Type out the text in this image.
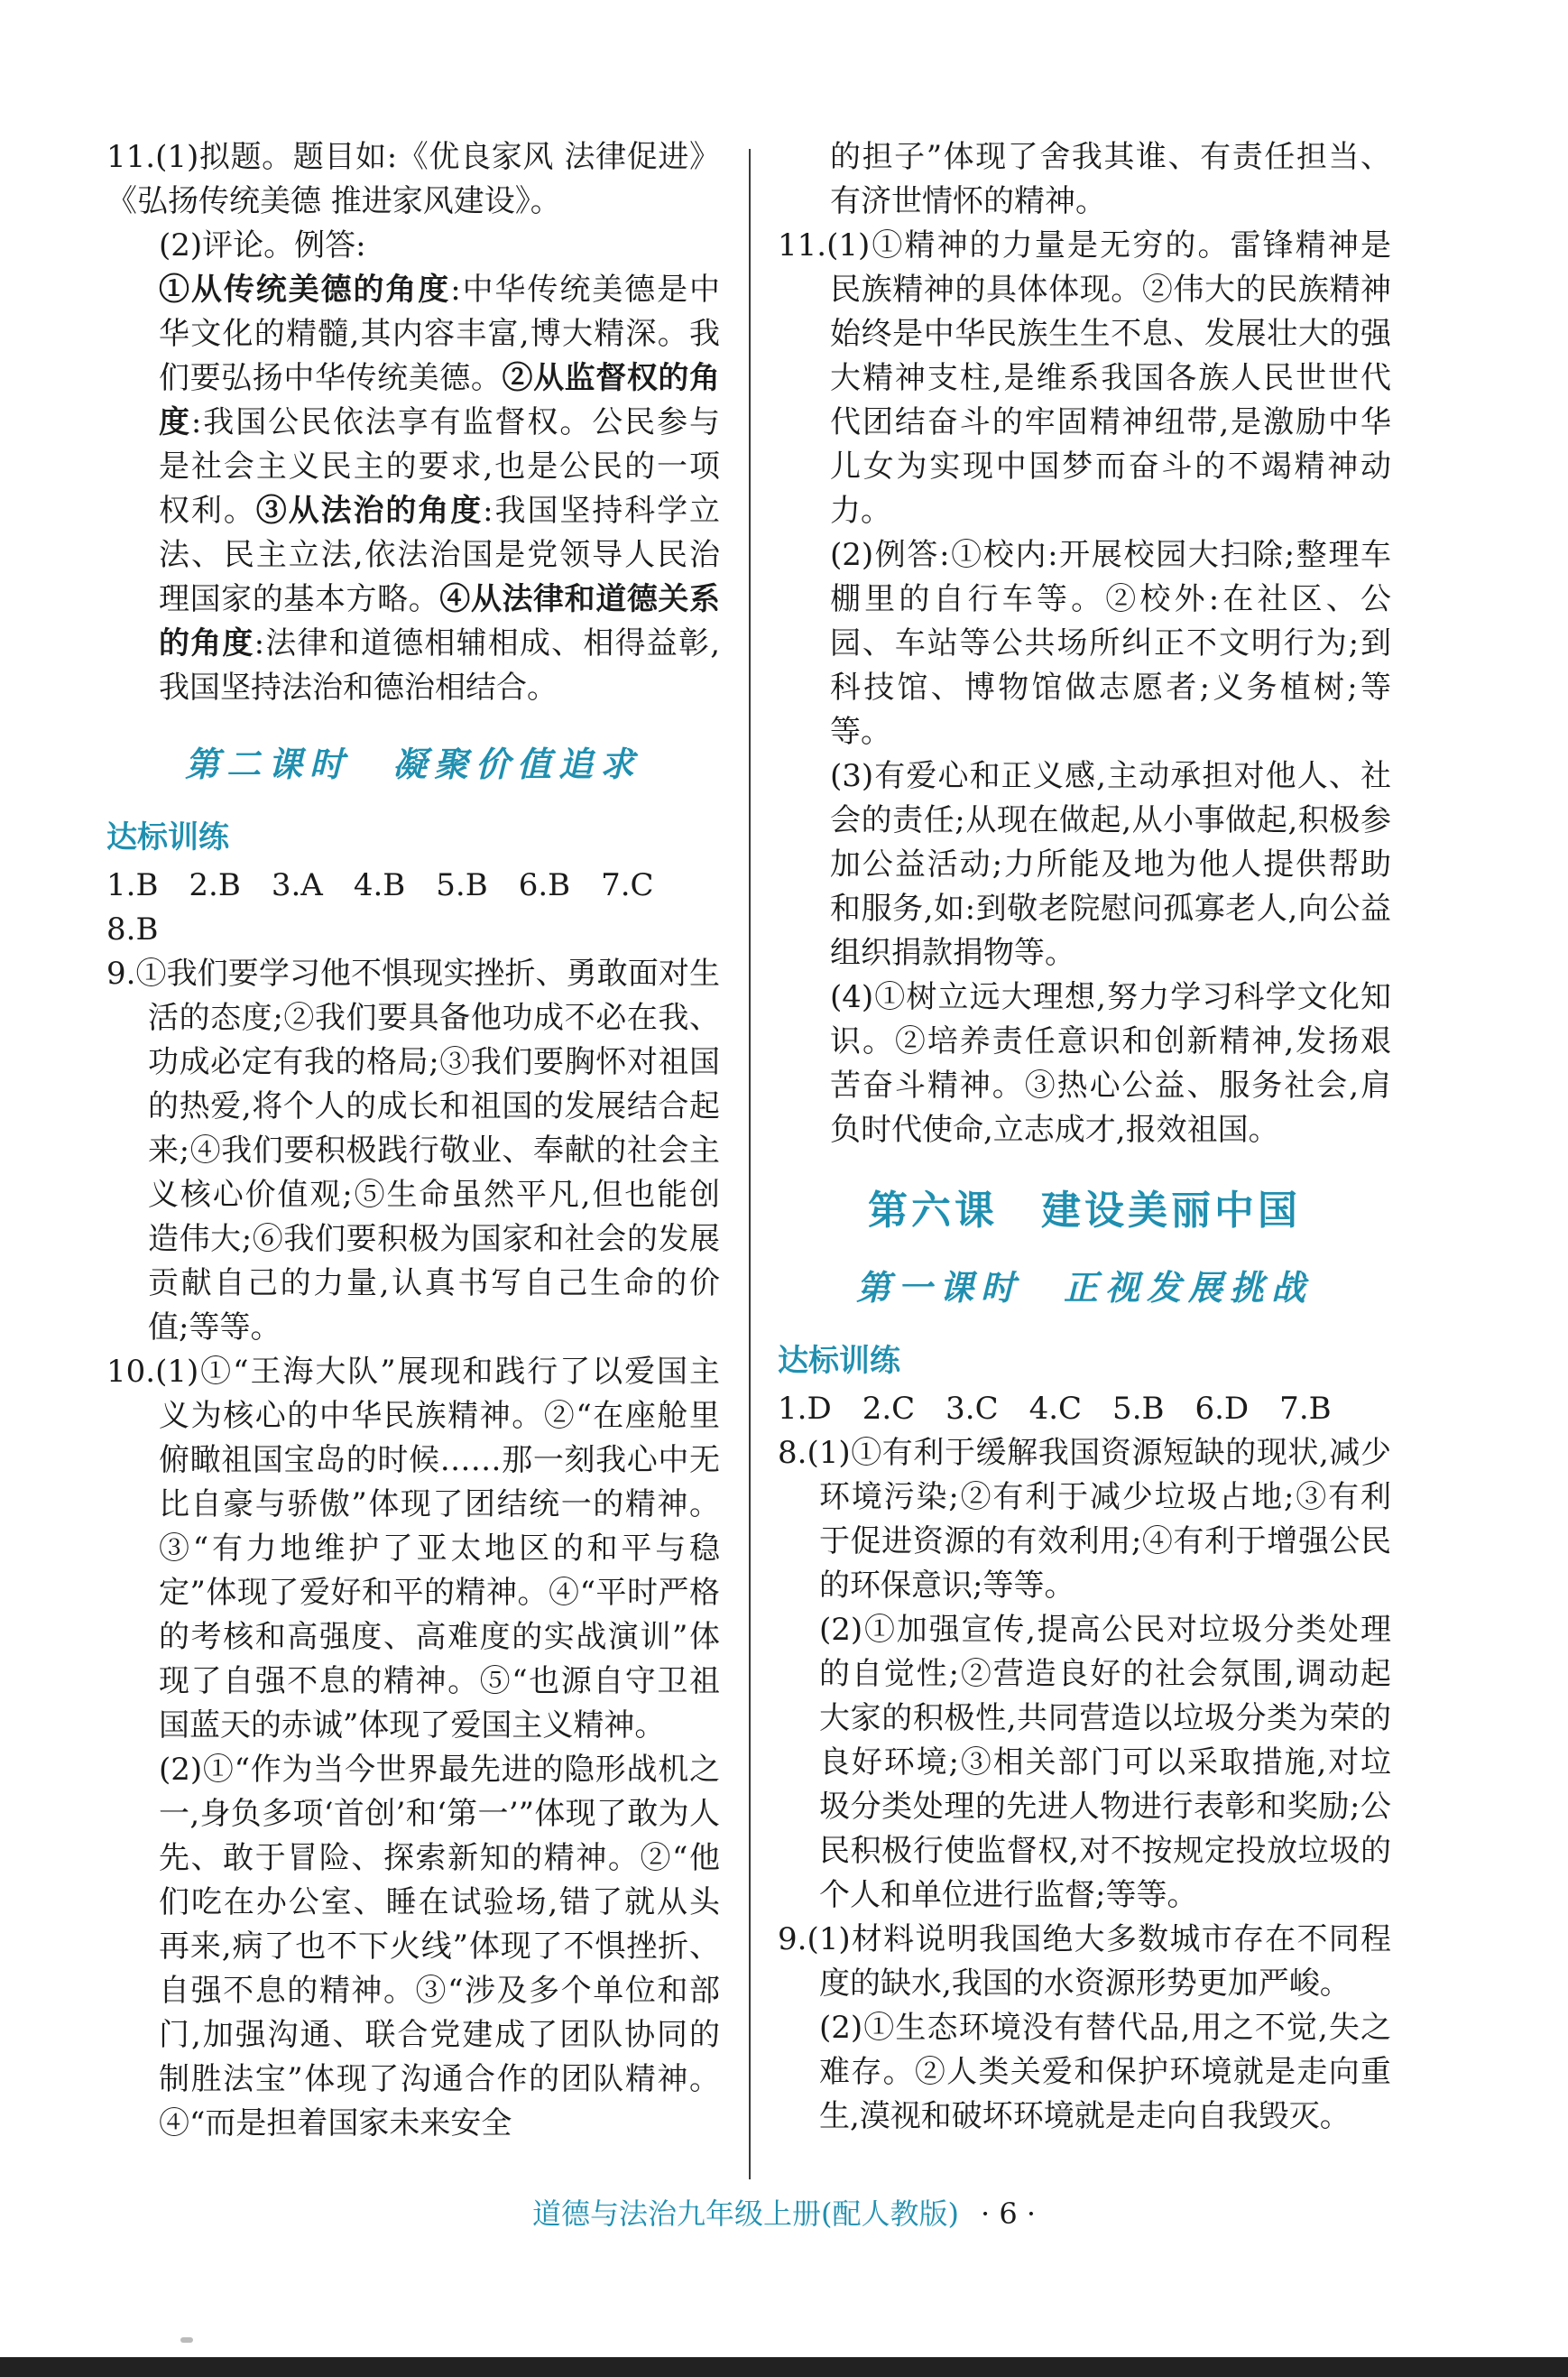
11.(1)拟题。题目如:《优良家风 法律促进》《弘扬传统美德 推进家风建设》。

(2)评论。例答:

①从传统美德的角度:中华传统美德是中华文化的精髓,其内容丰富,博大精深。我们要弘扬中华传统美德。②从监督权的角度:我国公民依法享有监督权。公民参与是社会主义民主的要求,也是公民的一项权利。③从法治的角度:我国坚持科学立法、民主立法,依法治国是党领导人民治理国家的基本方略。④从法律和道德关系的角度:法律和道德相辅相成、相得益彰,我国坚持法治和德治相结合。

第二课时　凝聚价值追求
达标训练

1.B　2.B　3.A　4.B　5.B　6.B　7.C

8.B

9.①我们要学习他不惧现实挫折、勇敢面对生活的态度;②我们要具备他功成不必在我、功成必定有我的格局;③我们要胸怀对祖国的热爱,将个人的成长和祖国的发展结合起来;④我们要积极践行敬业、奉献的社会主义核心价值观;⑤生命虽然平凡,但也能创造伟大;⑥我们要积极为国家和社会的发展贡献自己的力量,认真书写自己生命的价值;等等。

10.(1)①“王海大队”展现和践行了以爱国主义为核心的中华民族精神。②“在座舱里俯瞰祖国宝岛的时候……那一刻我心中无比自豪与骄傲”体现了团结统一的精神。③“有力地维护了亚太地区的和平与稳定”体现了爱好和平的精神。④“平时严格的考核和高强度、高难度的实战演训”体现了自强不息的精神。⑤“也源自守卫祖国蓝天的赤诚”体现了爱国主义精神。

(2)①“作为当今世界最先进的隐形战机之一,身负多项‘首创’和‘第一’”体现了敢为人先、敢于冒险、探索新知的精神。②“他们吃在办公室、睡在试验场,错了就从头再来,病了也不下火线”体现了不惧挫折、自强不息的精神。③“涉及多个单位和部门,加强沟通、联合党建成了团队协同的制胜法宝”体现了沟通合作的团队精神。④“而是担着国家未来安全

的担子”体现了舍我其谁、有责任担当、有济世情怀的精神。

11.(1)①精神的力量是无穷的。雷锋精神是民族精神的具体体现。②伟大的民族精神始终是中华民族生生不息、发展壮大的强大精神支柱,是维系我国各族人民世世代代团结奋斗的牢固精神纽带,是激励中华儿女为实现中国梦而奋斗的不竭精神动力。

(2)例答:①校内:开展校园大扫除;整理车棚里的自行车等。②校外:在社区、公园、车站等公共场所纠正不文明行为;到科技馆、博物馆做志愿者;义务植树;等等。

(3)有爱心和正义感,主动承担对他人、社会的责任;从现在做起,从小事做起,积极参加公益活动;力所能及地为他人提供帮助和服务,如:到敬老院慰问孤寡老人,向公益组织捐款捐物等。

(4)①树立远大理想,努力学习科学文化知识。②培养责任意识和创新精神,发扬艰苦奋斗精神。③热心公益、服务社会,肩负时代使命,立志成才,报效祖国。

第六课　建设美丽中国
第一课时　正视发展挑战
达标训练

1.D　2.C　3.C　4.C　5.B　6.D　7.B

8.(1)①有利于缓解我国资源短缺的现状,减少环境污染;②有利于减少垃圾占地;③有利于促进资源的有效利用;④有利于增强公民的环保意识;等等。

(2)①加强宣传,提高公民对垃圾分类处理的自觉性;②营造良好的社会氛围,调动起大家的积极性,共同营造以垃圾分类为荣的良好环境;③相关部门可以采取措施,对垃圾分类处理的先进人物进行表彰和奖励;公民积极行使监督权,对不按规定投放垃圾的个人和单位进行监督;等等。

9.(1)材料说明我国绝大多数城市存在不同程度的缺水,我国的水资源形势更加严峻。

(2)①生态环境没有替代品,用之不觉,失之难存。②人类关爱和保护环境就是走向重生,漠视和破坏环境就是走向自我毁灭。

道德与法治九年级上册(配人教版) · 6 ·
